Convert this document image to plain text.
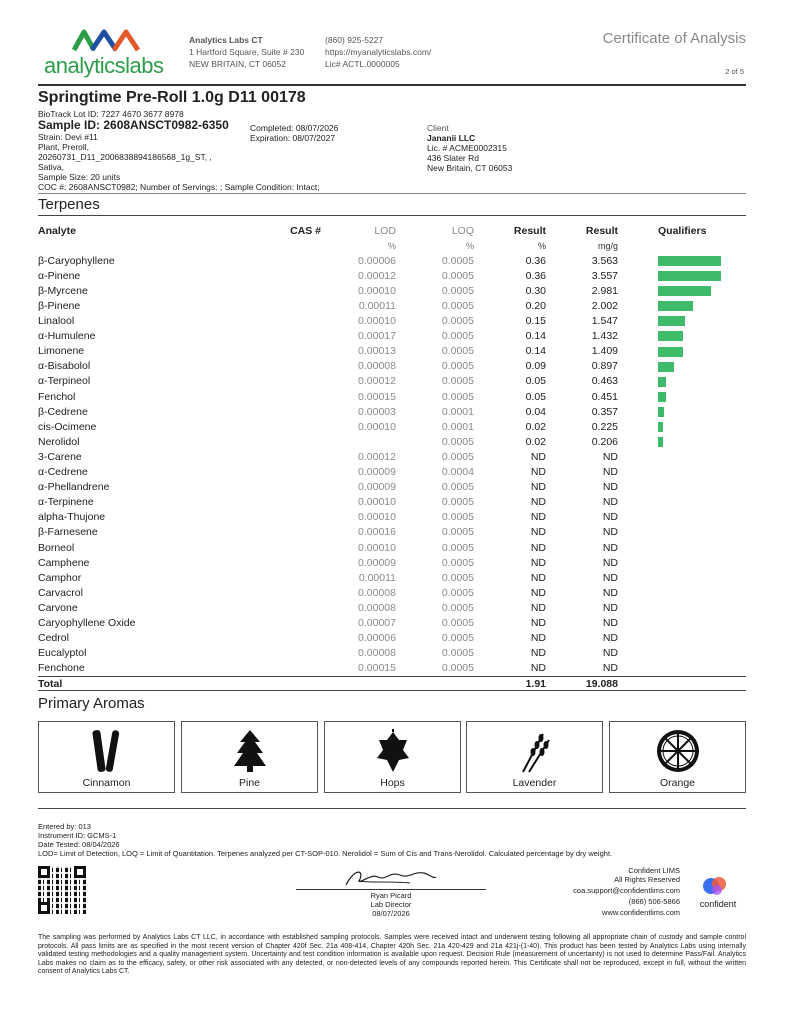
analyticslabs
Analytics Labs CT
1 Hartford Square, Suite # 230
NEW BRITAIN, CT 06052
(860) 925-5227
https://myanalyticslabs.com/
Lic# ACTL.0000005
Certificate of Analysis
2 of 5
Springtime Pre-Roll 1.0g D11 00178
BioTrack Lot ID: 7227 4670 3677 8978
Sample ID: 2608ANSCT0982-6350
Strain: Devi #11
Plant, Preroll,
20260731_D11_2006838894186568_1g_ST, ,
Sativa,
Sample Size: 20 units
COC #: 2608ANSCT0982; Number of Servings: ; Sample Condition: Intact;
Completed: 08/07/2026
Expiration: 08/07/2027
Client
Jananii LLC
Lic. # ACME0002315
436 Slater Rd
New Britain, CT 06053
Terpenes
Analyte	CAS #	LOD	LOQ	Result	Result	Qualifiers
		%	%	%	mg/g	
β-Caryophyllene		0.00006	0.0005	0.36	3.563	
α-Pinene		0.00012	0.0005	0.36	3.557	
β-Myrcene		0.00010	0.0005	0.30	2.981	
β-Pinene		0.00011	0.0005	0.20	2.002	
Linalool		0.00010	0.0005	0.15	1.547	
α-Humulene		0.00017	0.0005	0.14	1.432	
Limonene		0.00013	0.0005	0.14	1.409	
α-Bisabolol		0.00008	0.0005	0.09	0.897	
α-Terpineol		0.00012	0.0005	0.05	0.463	
Fenchol		0.00015	0.0005	0.05	0.451	
β-Cedrene		0.00003	0.0001	0.04	0.357	
cis-Ocimene		0.00010	0.0001	0.02	0.225	
Nerolidol			0.0005	0.02	0.206	
3-Carene		0.00012	0.0005	ND	ND	
α-Cedrene		0.00009	0.0004	ND	ND	
α-Phellandrene		0.00009	0.0005	ND	ND	
α-Terpinene		0.00010	0.0005	ND	ND	
alpha-Thujone		0.00010	0.0005	ND	ND	
β-Farnesene		0.00016	0.0005	ND	ND	
Borneol		0.00010	0.0005	ND	ND	
Camphene		0.00009	0.0005	ND	ND	
Camphor		0.00011	0.0005	ND	ND	
Carvacrol		0.00008	0.0005	ND	ND	
Carvone		0.00008	0.0005	ND	ND	
Caryophyllene Oxide		0.00007	0.0005	ND	ND	
Cedrol		0.00006	0.0005	ND	ND	
Eucalyptol		0.00008	0.0005	ND	ND	
Fenchone		0.00015	0.0005	ND	ND	
Total				1.91	19.088	
Primary Aromas
Cinnamon	Pine	Hops	Lavender	Orange
Entered by: 013
Instrument ID: GCMS-1
Date Tested: 08/04/2026
LOD= Limit of Detection, LOQ = Limit of Quantitation. Terpenes analyzed per CT-SOP-010. Nerolidol = Sum of Cis and Trans-Nerolidol. Calculated percentage by dry weight.
Ryan Picard
Lab Director
08/07/2026
Confident LIMS
All Rights Reserved
coa.support@confidentlims.com
(866) 506-5866
www.confidentlims.com
confident
The sampling was performed by Analytics Labs CT LLC, in accordance with established sampling protocols. Samples were received intact and underwent testing following all appropriate chain of custody and sample control protocols. All pass limits are as specified in the most recent version of Chapter 420f Sec. 21a 408-414, Chapter 420h Sec. 21a 420-429 and 21a 421j-(1-40). This product has been tested by Analytics Labs using internally validated testing methodologies and a quality management system. Uncertainty and test condition information is available upon request. Decision Rule (measurement of uncertainty) is not used to determine Pass/Fail. Analytics Labs makes no claim as to the efficacy, safety, or other risk associated with any detected, or non-detected levels of any compounds reported herein. This Certificate shall not be reproduced, except in full, without the written consent of Analytics Labs CT.
